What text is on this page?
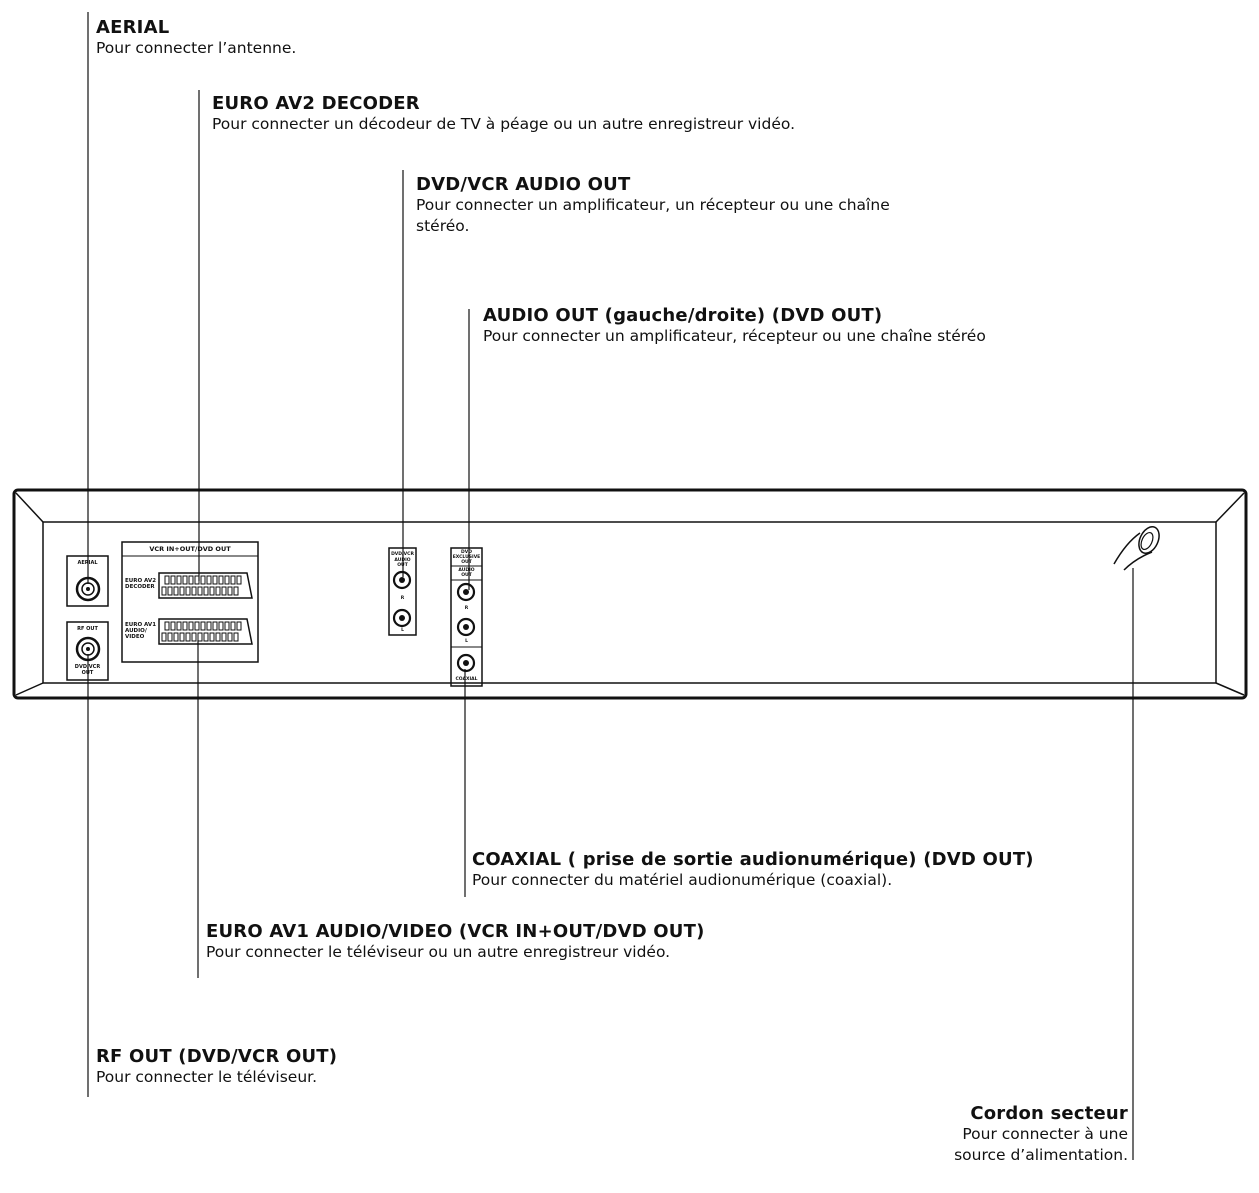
AERIAL
RF OUT
DVD/VCR
OUT
VCR IN+OUT/DVD OUT
EURO AV2
DECODER
EURO AV1
AUDIO/
VIDEO
DVD/VCR
AUDIO OUT
R
L
DVD
EXCLUSIVE
OUT
AUDIO
OUT
R
L
COAXIAL
AERIAL
Pour connecter l’antenne.
EURO AV2 DECODER
Pour connecter un décodeur de TV à péage ou un autre enregistreur vidéo.
DVD/VCR AUDIO OUT
Pour connecter un amplificateur, un récepteur ou une chaîne stéréo.
AUDIO OUT (gauche/droite) (DVD OUT)
Pour connecter un amplificateur, récepteur ou une chaîne stéréo
COAXIAL ( prise de sortie audionumérique) (DVD OUT)
Pour connecter du matériel audionumérique (coaxial).
EURO AV1 AUDIO/VIDEO (VCR IN+OUT/DVD OUT)
Pour connecter le téléviseur ou un autre enregistreur vidéo.
RF OUT (DVD/VCR OUT)
Pour connecter le téléviseur.
Cordon secteur
Pour connecter à une source d’alimentation.
